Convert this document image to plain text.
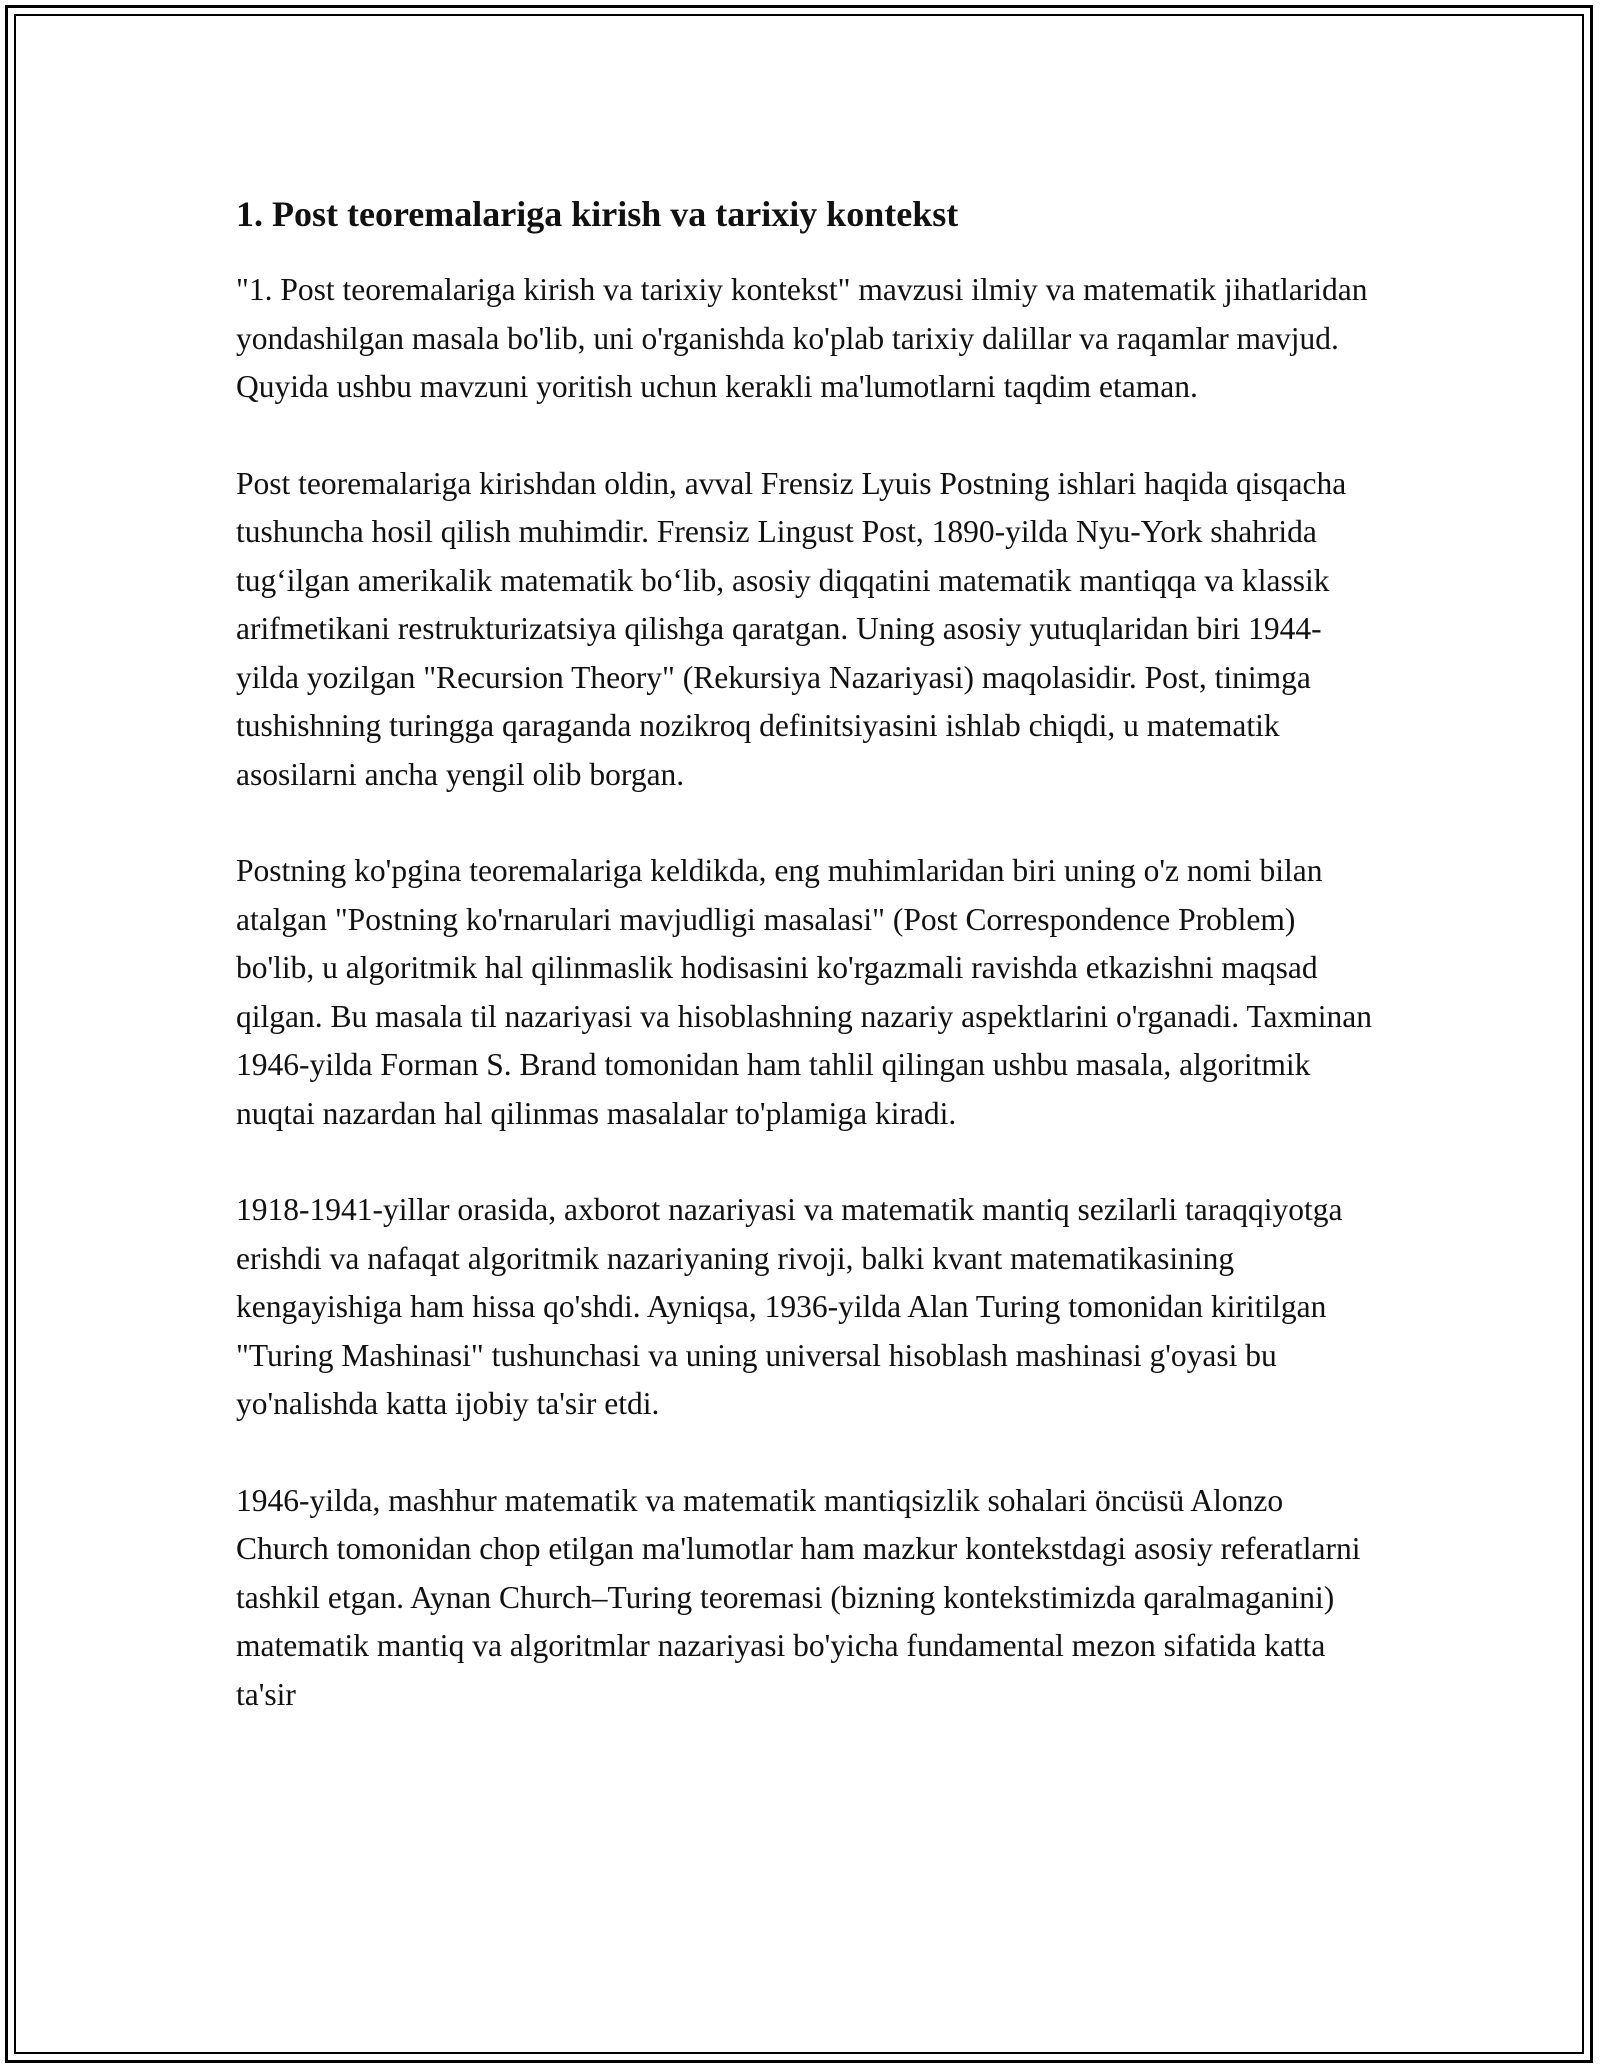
1. Post teoremalariga kirish va tarixiy kontekst

"1. Post teoremalariga kirish va tarixiy kontekst" mavzusi ilmiy va matematik jihatlaridan yondashilgan masala bo'lib, uni o'rganishda ko'plab tarixiy dalillar va raqamlar mavjud. Quyida ushbu mavzuni yoritish uchun kerakli ma'lumotlarni taqdim etaman.

Post teoremalariga kirishdan oldin, avval Frensiz Lyuis Postning ishlari haqida qisqacha tushuncha hosil qilish muhimdir. Frensiz Lingust Post, 1890-yilda Nyu-York shahrida tug‘ilgan amerikalik matematik bo‘lib, asosiy diqqatini matematik mantiqqa va klassik arifmetikani restrukturizatsiya qilishga qaratgan. Uning asosiy yutuqlaridan biri 1944-yilda yozilgan "Recursion Theory" (Rekursiya Nazariyasi) maqolasidir. Post, tinimga tushishning turingga qaraganda nozikroq definitsiyasini ishlab chiqdi, u matematik asosilarni ancha yengil olib borgan.

Postning ko'pgina teoremalariga keldikda, eng muhimlaridan biri uning o'z nomi bilan atalgan "Postning ko'rnarulari mavjudligi masalasi" (Post Correspondence Problem) bo'lib, u algoritmik hal qilinmaslik hodisasini ko'rgazmali ravishda etkazishni maqsad qilgan. Bu masala til nazariyasi va hisoblashning nazariy aspektlarini o'rganadi. Taxminan 1946-yilda Forman S. Brand tomonidan ham tahlil qilingan ushbu masala, algoritmik nuqtai nazardan hal qilinmas masalalar to'plamiga kiradi.

1918-1941-yillar orasida, axborot nazariyasi va matematik mantiq sezilarli taraqqiyotga erishdi va nafaqat algoritmik nazariyaning rivoji, balki kvant matematikasining kengayishiga ham hissa qo'shdi. Ayniqsa, 1936-yilda Alan Turing tomonidan kiritilgan "Turing Mashinasi" tushunchasi va uning universal hisoblash mashinasi g'oyasi bu yo'nalishda katta ijobiy ta'sir etdi.

1946-yilda, mashhur matematik va matematik mantiqsizlik sohalari öncüsü Alonzo Church tomonidan chop etilgan ma'lumotlar ham mazkur kontekstdagi asosiy referatlarni tashkil etgan. Aynan Church–Turing teoremasi (bizning kontekstimizda qaralmaganini) matematik mantiq va algoritmlar nazariyasi bo'yicha fundamental mezon sifatida katta ta'sir
